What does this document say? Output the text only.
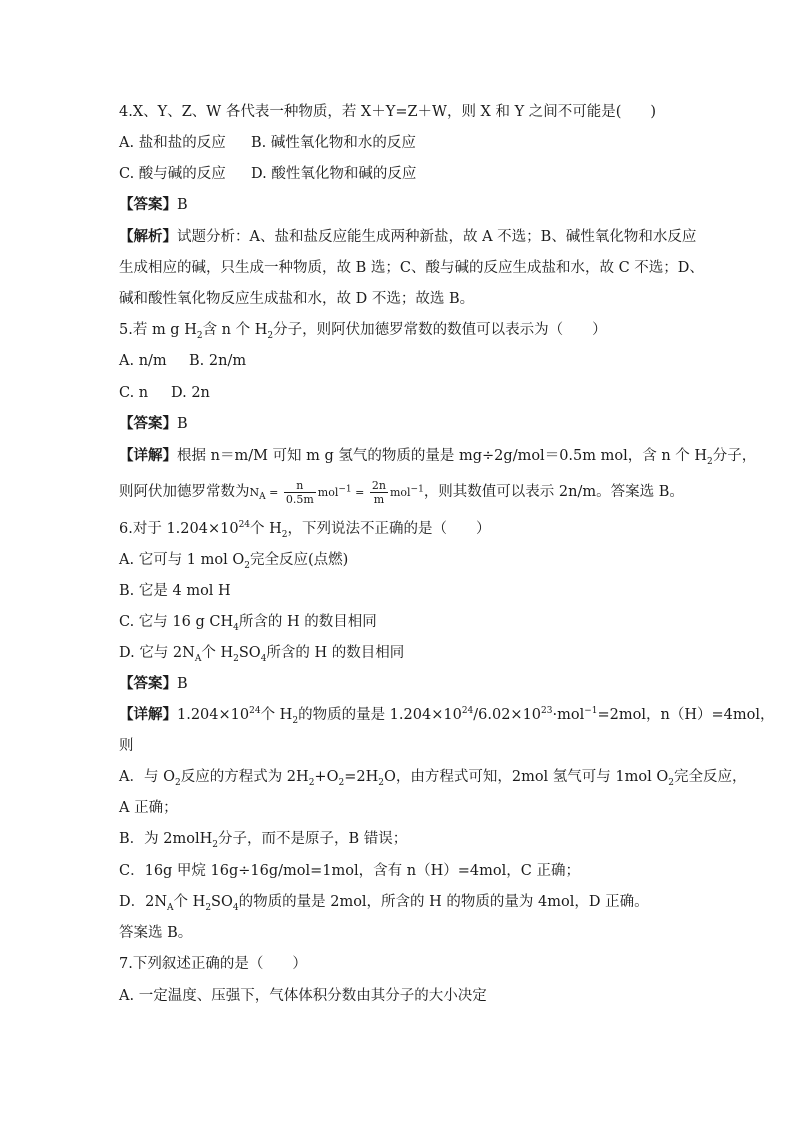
4.X、Y、Z、W 各代表一种物质，若 X＋Y=Z＋W，则 X 和 Y 之间不可能是(　　)
A. 盐和盐的反应 B. 碱性氧化物和水的反应
C. 酸与碱的反应 D. 酸性氧化物和碱的反应
【答案】B
【解析】试题分析：A、盐和盐反应能生成两种新盐，故 A 不选；B、碱性氧化物和水反应
生成相应的碱，只生成一种物质，故 B 选；C、酸与碱的反应生成盐和水，故 C 不选；D、
碱和酸性氧化物反应生成盐和水，故 D 不选；故选 B。
5.若 m g $H_2$含 n 个 $H_2$分子，则阿伏加德罗常数的数值可以表示为（　　）
A. n/m B. 2n/m
C. n D. 2n
【答案】B
【详解】根据 n＝m/M 可知 m g 氢气的物质的量是 mg÷2g/mol＝0.5m mol，含 n 个 $H_2$分子，
则阿伏加德罗常数为$N_A = \frac{n}{0.5m} mol^{-1} = \frac{2n}{m} mol^{-1}$，则其数值可以表示 2n/m。答案选 B。
6.对于 $1.204\times 10^{24}$个 $H_2$，下列说法不正确的是（　　）
A. 它可与 1 mol $O_2$完全反应(点燃)
B. 它是 4 mol H
C. 它与 16 g $CH_4$所含的 H 的数目相同
D. 它与 $2N_A$个 $H_2SO_4$所含的 H 的数目相同
【答案】B
【详解】$1.204\times 10^{24}$个 $H_2$的物质的量是 $1.204\times 10^{24}/6.02\times 10^{23}\cdot mol^{-1}=2mol$，n（H）=4mol，
则
A．与 $O_2$反应的方程式为 $2H_2+O_2=2H_2O$，由方程式可知，2mol 氢气可与 1mol $O_2$完全反应，
A 正确；
B．为 2molH$_2$分子，而不是原子，B 错误；
C．16g 甲烷 16g÷16g/mol=1mol，含有 n（H）=4mol，C 正确；
D．$2N_A$个 $H_2SO_4$的物质的量是 2mol，所含的 H 的物质的量为 4mol，D 正确。
答案选 B。
7.下列叙述正确的是（　　）
A. 一定温度、压强下，气体体积分数由其分子的大小决定
